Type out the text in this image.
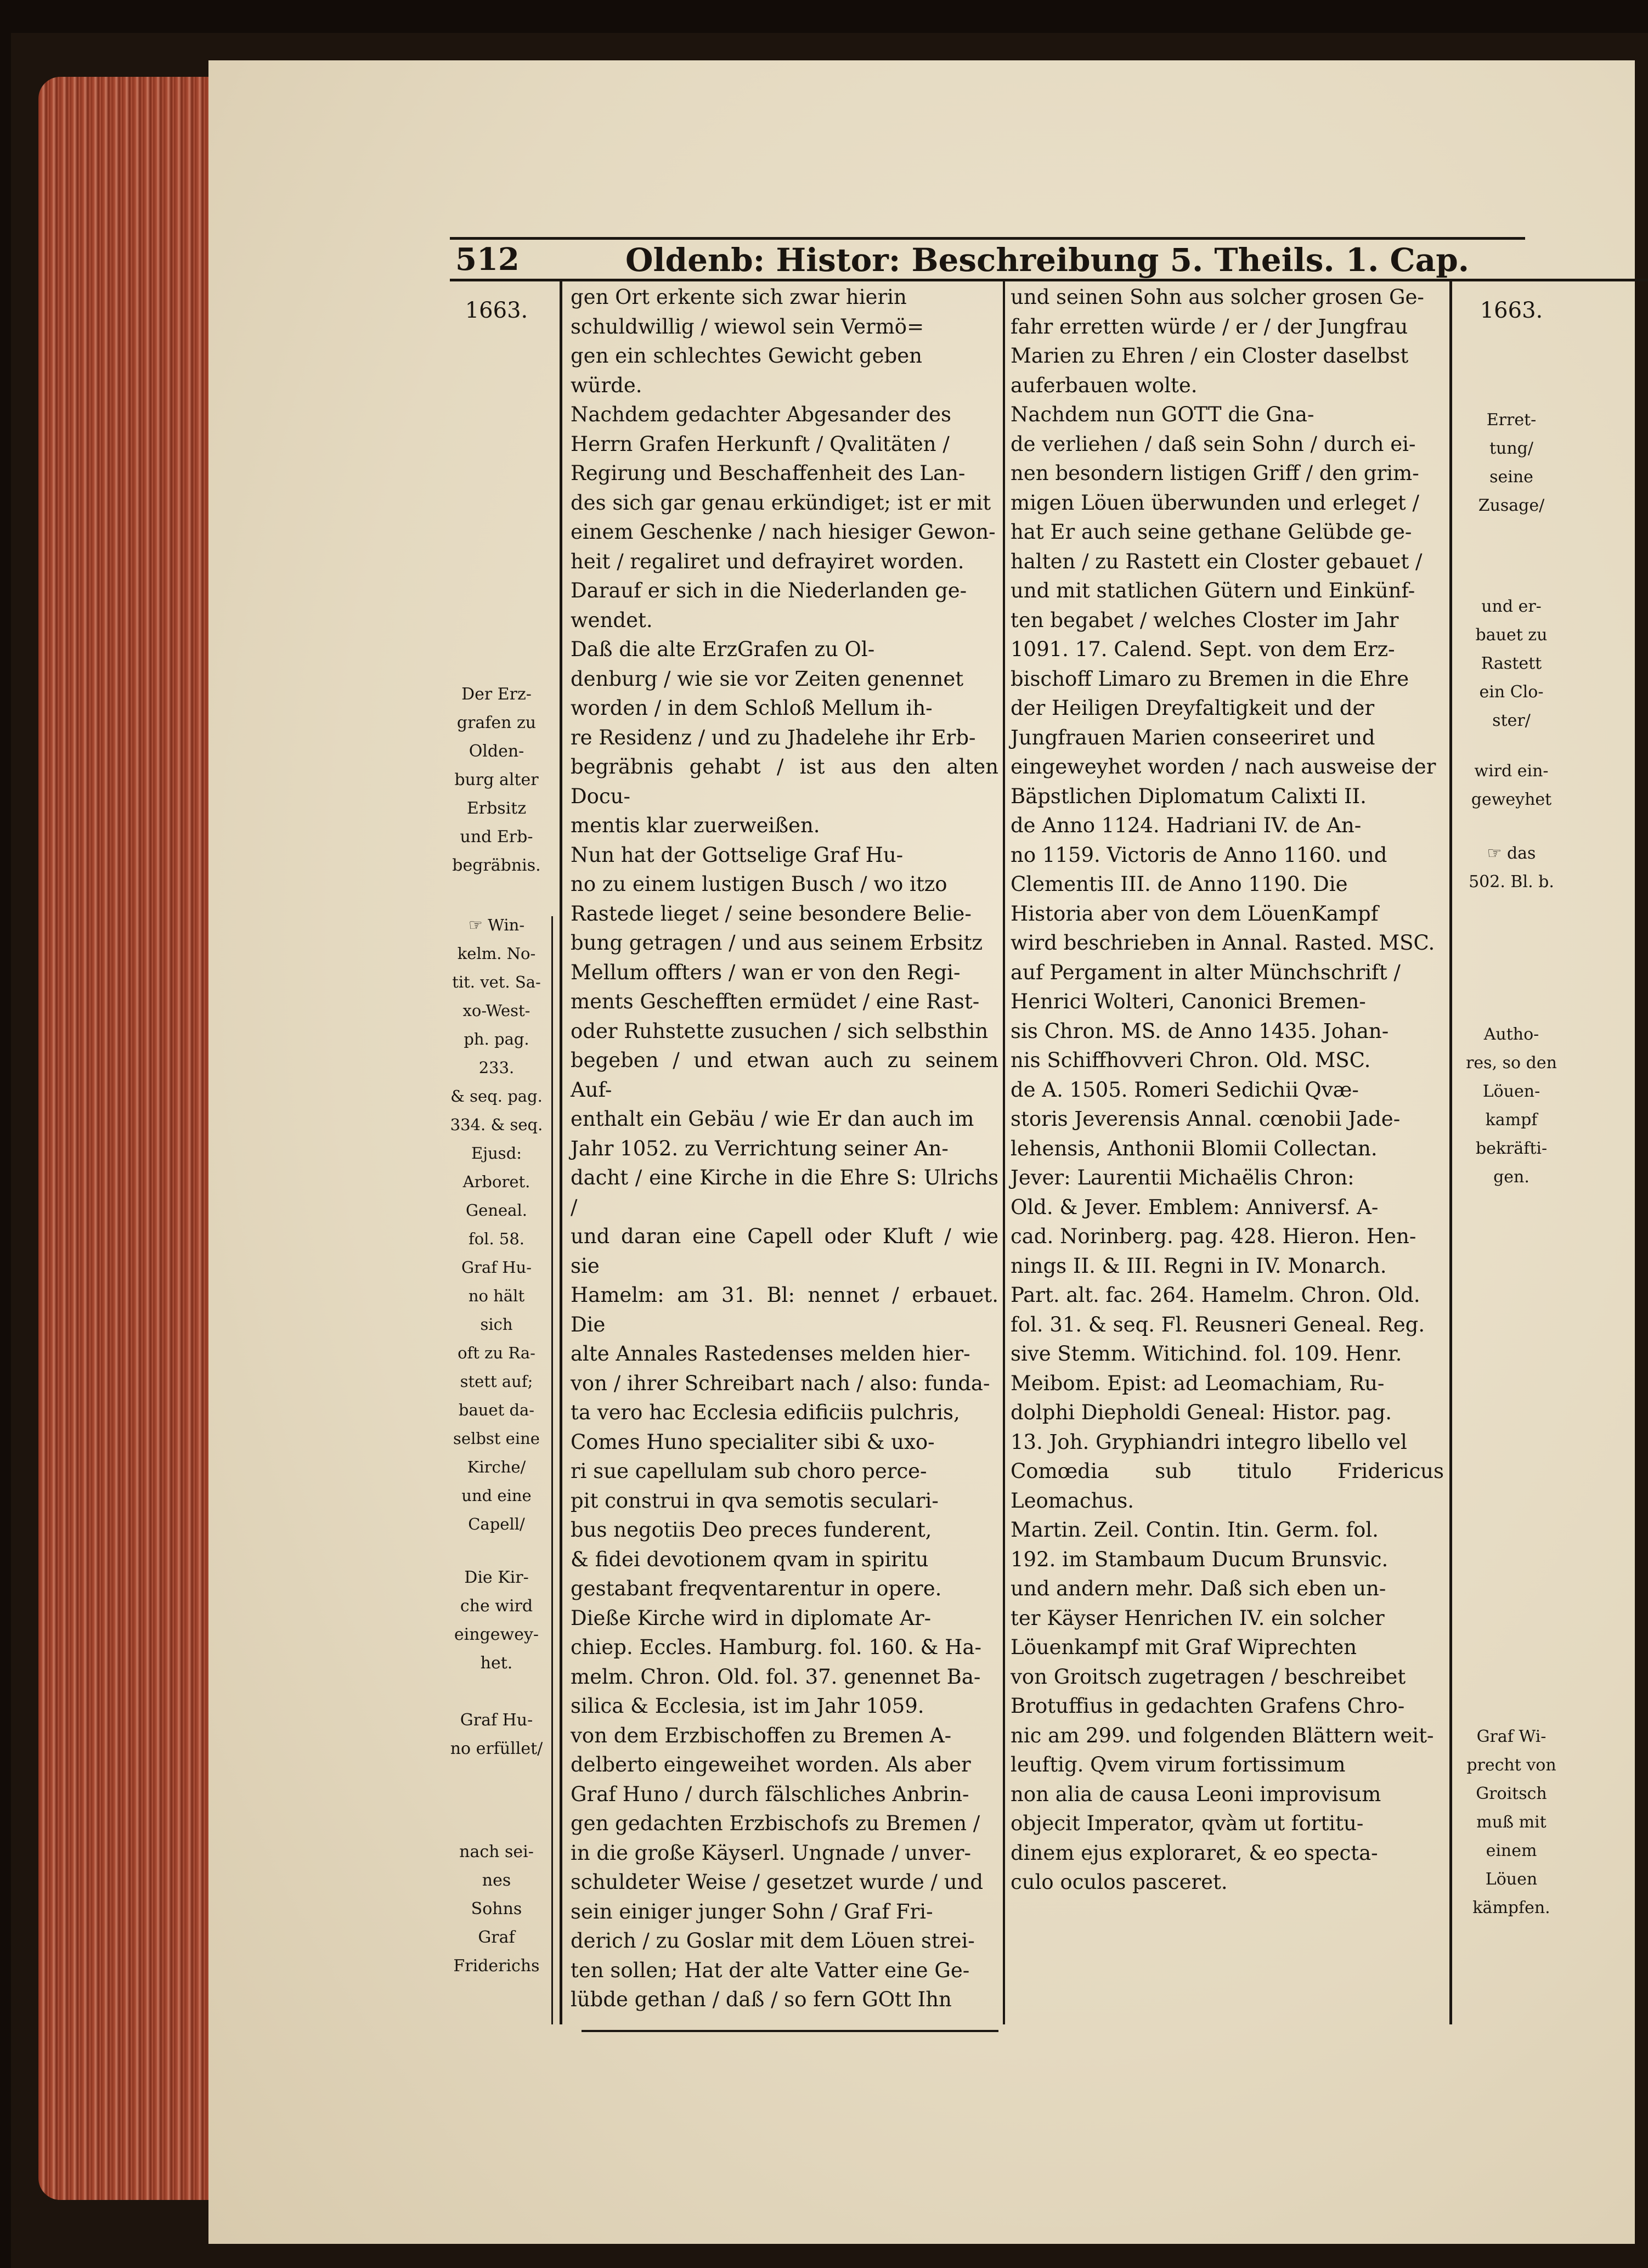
512	Oldenb: Histor: Beschreibung 5. Theils. 1. Cap.
1663.
Der Erz-
grafen zu
Olden-
burg alter
Erbsitz
und Erb-
begräbnis.
☞ Win-
kelm. No-
tit. vet. Sa-
xo-West-
ph. pag. 233.
& seq. pag.
334. & seq.
Ejusd:
Arboret.
Geneal.
fol. 58.
Graf Hu-
no hält sich
oft zu Ra-
stett auf;
bauet da-
selbst eine
Kirche/
und eine
Capell/
Die Kir-
che wird
eingewey-
het.
Graf Hu-
no erfüllet/
nach sei-
nes
Sohns
Graf
Friderichs
gen Ort erkente sich zwar hierin
schuldwillig / wiewol sein Vermö=
gen ein schlechtes Gewicht geben
würde.
Nachdem gedachter Abgesander des
Herrn Grafen Herkunft / Qvalitäten /
Regirung und Beschaffenheit des Lan-
des sich gar genau erkündiget; ist er mit
einem Geschenke / nach hiesiger Gewon-
heit / regaliret und defrayiret worden.
Darauf er sich in die Niederlanden ge-
wendet.
Daß die alte ErzGrafen zu Ol-
denburg / wie sie vor Zeiten genennet
worden / in dem Schloß Mellum ih-
re Residenz / und zu Jhadelehe ihr Erb-
begräbnis gehabt / ist aus den alten Docu-
mentis klar zuerweißen.
Nun hat der Gottselige Graf Hu-
no zu einem lustigen Busch / wo itzo
Rastede lieget / seine besondere Belie-
bung getragen / und aus seinem Erbsitz
Mellum offters / wan er von den Regi-
ments Geschefften ermüdet / eine Rast-
oder Ruhstette zusuchen / sich selbsthin
begeben / und etwan auch zu seinem Auf-
enthalt ein Gebäu / wie Er dan auch im
Jahr 1052. zu Verrichtung seiner An-
dacht / eine Kirche in die Ehre S: Ulrichs /
und daran eine Capell oder Kluft / wie sie
Hamelm: am 31. Bl: nennet / erbauet. Die
alte Annales Rastedenses melden hier-
von / ihrer Schreibart nach / also: funda-
ta vero hac Ecclesia edificiis pulchris,
Comes Huno specialiter sibi & uxo-
ri sue capellulam sub choro perce-
pit construi in qva semotis seculari-
bus negotiis Deo preces funderent,
& fidei devotionem qvam in spiritu
gestabant freqventarentur in opere.
Dieße Kirche wird in diplomate Ar-
chiep. Eccles. Hamburg. fol. 160. & Ha-
melm. Chron. Old. fol. 37. genennet Ba-
silica & Ecclesia, ist im Jahr 1059.
von dem Erzbischoffen zu Bremen A-
delberto eingeweihet worden. Als aber
Graf Huno / durch fälschliches Anbrin-
gen gedachten Erzbischofs zu Bremen /
in die große Käyserl. Ungnade / unver-
schuldeter Weise / gesetzet wurde / und
sein einiger junger Sohn / Graf Fri-
derich / zu Goslar mit dem Löuen strei-
ten sollen; Hat der alte Vatter eine Ge-
lübde gethan / daß / so fern GOtt Ihn
und seinen Sohn aus solcher grosen Ge-
fahr erretten würde / er / der Jungfrau
Marien zu Ehren / ein Closter daselbst
auferbauen wolte.
Nachdem nun GOTT die Gna-
de verliehen / daß sein Sohn / durch ei-
nen besondern listigen Griff / den grim-
migen Löuen überwunden und erleget /
hat Er auch seine gethane Gelübde ge-
halten / zu Rastett ein Closter gebauet /
und mit statlichen Gütern und Einkünf-
ten begabet / welches Closter im Jahr
1091. 17. Calend. Sept. von dem Erz-
bischoff Limaro zu Bremen in die Ehre
der Heiligen Dreyfaltigkeit und der
Jungfrauen Marien conseeriret und
eingeweyhet worden / nach ausweise der
Bäpstlichen Diplomatum Calixti II.
de Anno 1124. Hadriani IV. de An-
no 1159. Victoris de Anno 1160. und
Clementis III. de Anno 1190. Die
Historia aber von dem LöuenKampf
wird beschrieben in Annal. Rasted. MSC.
auf Pergament in alter Münchschrift /
Henrici Wolteri, Canonici Bremen-
sis Chron. MS. de Anno 1435. Johan-
nis Schiffhovveri Chron. Old. MSC.
de A. 1505. Romeri Sedichii Qvæ-
storis Jeverensis Annal. cœnobii Jade-
lehensis, Anthonii Blomii Collectan.
Jever: Laurentii Michaëlis Chron:
Old. & Jever. Emblem: Anniversf. A-
cad. Norinberg. pag. 428. Hieron. Hen-
nings II. & III. Regni in IV. Monarch.
Part. alt. fac. 264. Hamelm. Chron. Old.
fol. 31. & seq. Fl. Reusneri Geneal. Reg.
sive Stemm. Witichind. fol. 109. Henr.
Meibom. Epist: ad Leomachiam, Ru-
dolphi Diepholdi Geneal: Histor. pag.
13. Joh. Gryphiandri integro libello vel
Comœdia sub titulo Fridericus Leomachus.
Martin. Zeil. Contin. Itin. Germ. fol.
192. im Stambaum Ducum Brunsvic.
und andern mehr. Daß sich eben un-
ter Käyser Henrichen IV. ein solcher
Löuenkampf mit Graf Wiprechten
von Groitsch zugetragen / beschreibet
Brotuffius in gedachten Grafens Chro-
nic am 299. und folgenden Blättern weit-
leuftig. Qvem virum fortissimum
non alia de causa Leoni improvisum
objecit Imperator, qvàm ut fortitu-
dinem ejus exploraret, & eo specta-
culo oculos pasceret.
1663.
Erret-
tung/
seine
Zusage/
und er-
bauet zu
Rastett
ein Clo-
ster/
wird ein-
geweyhet
☞ das
502. Bl. b.
Autho-
res, so den
Löuen-
kampf
bekräfti-
gen.
Graf Wi-
precht von
Groitsch
muß mit
einem
Löuen
kämpfen.
